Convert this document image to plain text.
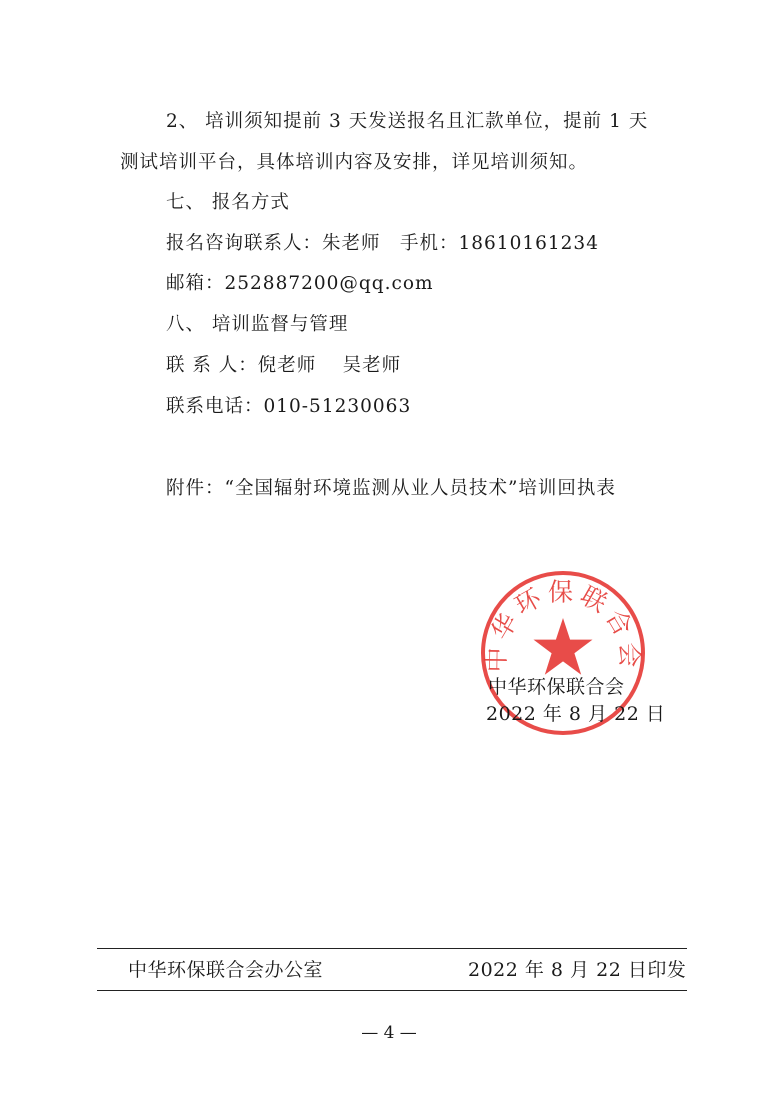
2、 培训须知提前 3 天发送报名且汇款单位，提前 1 天
测试培训平台，具体培训内容及安排，详见培训须知。
七、 报名方式
报名咨询联系人：朱老师　手机：18610161234
邮箱：252887200@qq.com
八、 培训监督与管理
联 系 人：倪老师　 吴老师
联系电话：010-51230063
附件：“全国辐射环境监测从业人员技术”培训回执表
中华环保联合会
中华环保联合会
2022 年 8 月 22 日
中华环保联合会办公室	2022 年 8 月 22 日印发
— 4 —
